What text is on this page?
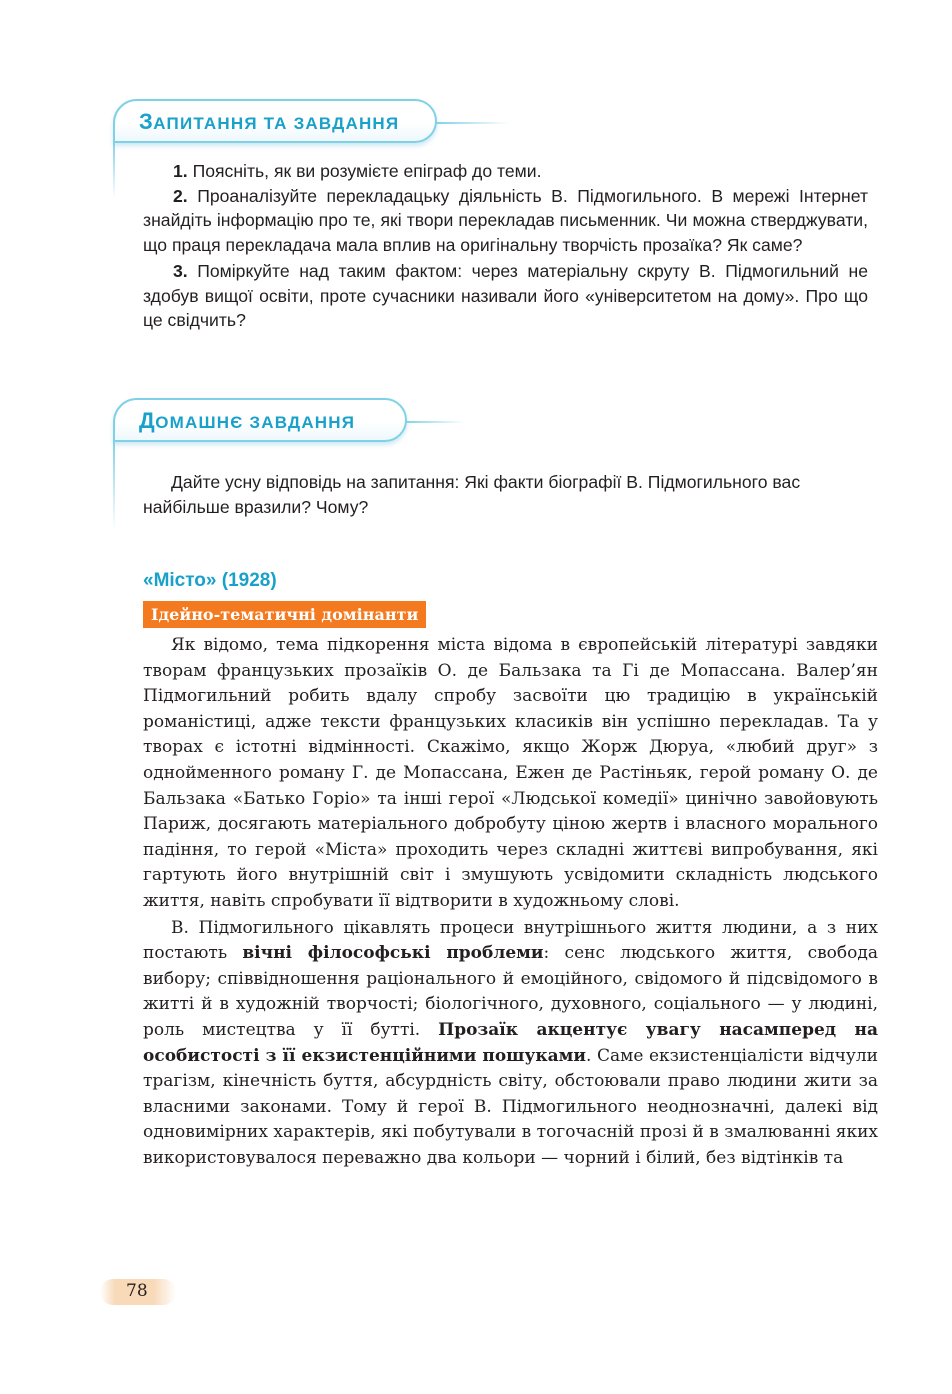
ЗАПИТАННЯ ТА ЗАВДАННЯ

1. Поясніть, як ви розумієте епіграф до теми.

2. Проаналізуйте перекладацьку діяльність В. Підмогильного. В мережі Інтернет знайдіть інформацію про те, які твори перекладав письменник. Чи можна стверджувати, що праця перекладача мала вплив на оригінальну творчість прозаїка? Як саме?

3. Поміркуйте над таким фактом: через матеріальну скруту В. Підмогильний не здобув вищої освіти, проте сучасники називали його «університетом на дому». Про що це свідчить?

ДОМАШНЄ ЗАВДАННЯ

Дайте усну відповідь на запитання: Які факти біографії В. Підмогильного вас найбільше вразили? Чому?

«Місто» (1928)
Ідейно-тематичні домінанти

Як відомо, тема підкорення міста відома в європейській літературі завдяки творам французьких прозаїків О. де Бальзака та Гі де Мопассана. Валер’ян Підмогильний робить вдалу спробу засвоїти цю традицію в українській романістиці, адже тексти французьких класиків він успішно перекладав. Та у творах є істотні відмінності. Скажімо, якщо Жорж Дюруа, «любий друг» з однойменного роману Г. де Мопассана, Ежен де Растіньяк, герой роману О. де Бальзака «Батько Горіо» та інші герої «Людської комедії» цинічно завойовують Париж, досягають матеріального добробуту ціною жертв і власного морального падіння, то герой «Міста» проходить через складні життєві випробування, які гартують його внутрішній світ і змушують усвідомити складність людського життя, навіть спробувати її відтворити в художньому слові.

В. Підмогильного цікавлять процеси внутрішнього життя людини, а з них постають вічні філософські проблеми: сенс людського життя, свобода вибору; співвідношення раціонального й емоційного, свідомого й підсвідомого в житті й в художній творчості; біологічного, духовного, соціального — у людині, роль мистецтва у її бутті. Прозаїк акцентує увагу насамперед на особистості з її екзистенційними пошуками. Саме екзистенціалісти відчули трагізм, кінечність буття, абсурдність світу, обстоювали право людини жити за власними законами. Тому й герої В. Підмогильного неоднозначні, далекі від одновимірних характерів, які побутували в тогочасній прозі й в змалюванні яких використовувалося переважно два кольори — чорний і білий, без відтінків та

78
